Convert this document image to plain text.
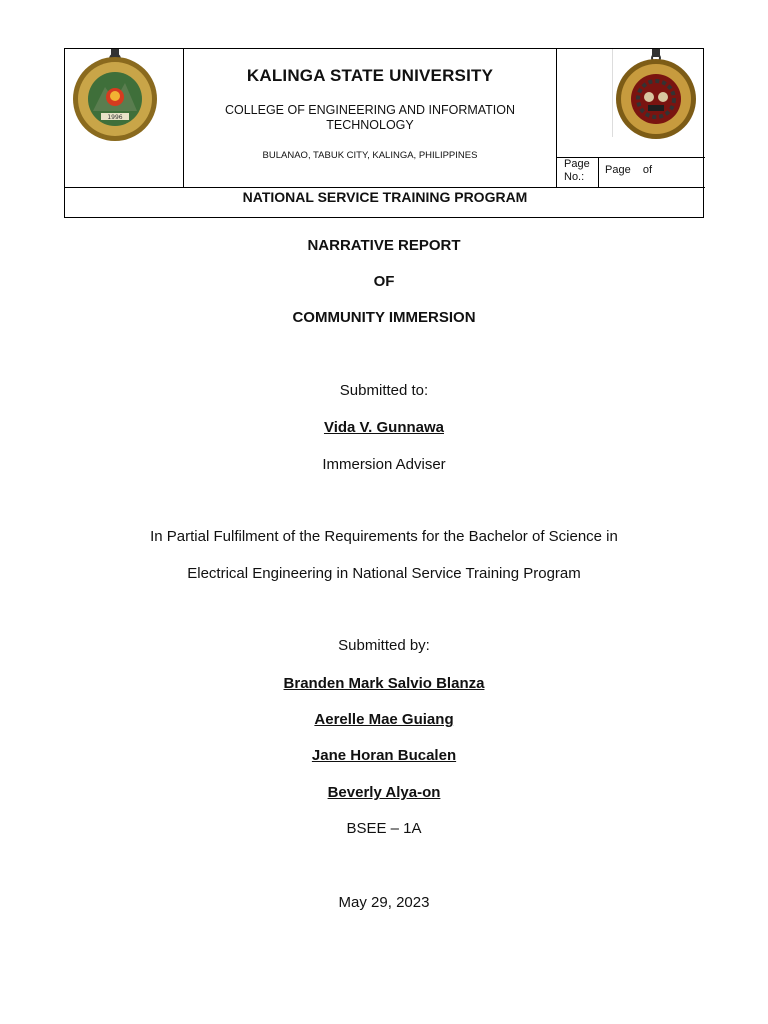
1996
KALINGA STATE UNIVERSITY
COLLEGE OF ENGINEERING AND INFORMATION TECHNOLOGY
BULANAO, TABUK CITY, KALINGA, PHILIPPINES
Page No.:
Page    of
NATIONAL SERVICE TRAINING PROGRAM
NARRATIVE REPORT
OF
COMMUNITY IMMERSION
Submitted to:
Vida V. Gunnawa
Immersion Adviser
In Partial Fulfilment of the Requirements for the Bachelor of Science in
Electrical Engineering in National Service Training Program
Submitted by:
Branden Mark Salvio Blanza
Aerelle Mae Guiang
Jane Horan Bucalen
Beverly Alya-on
BSEE – 1A
May 29, 2023
